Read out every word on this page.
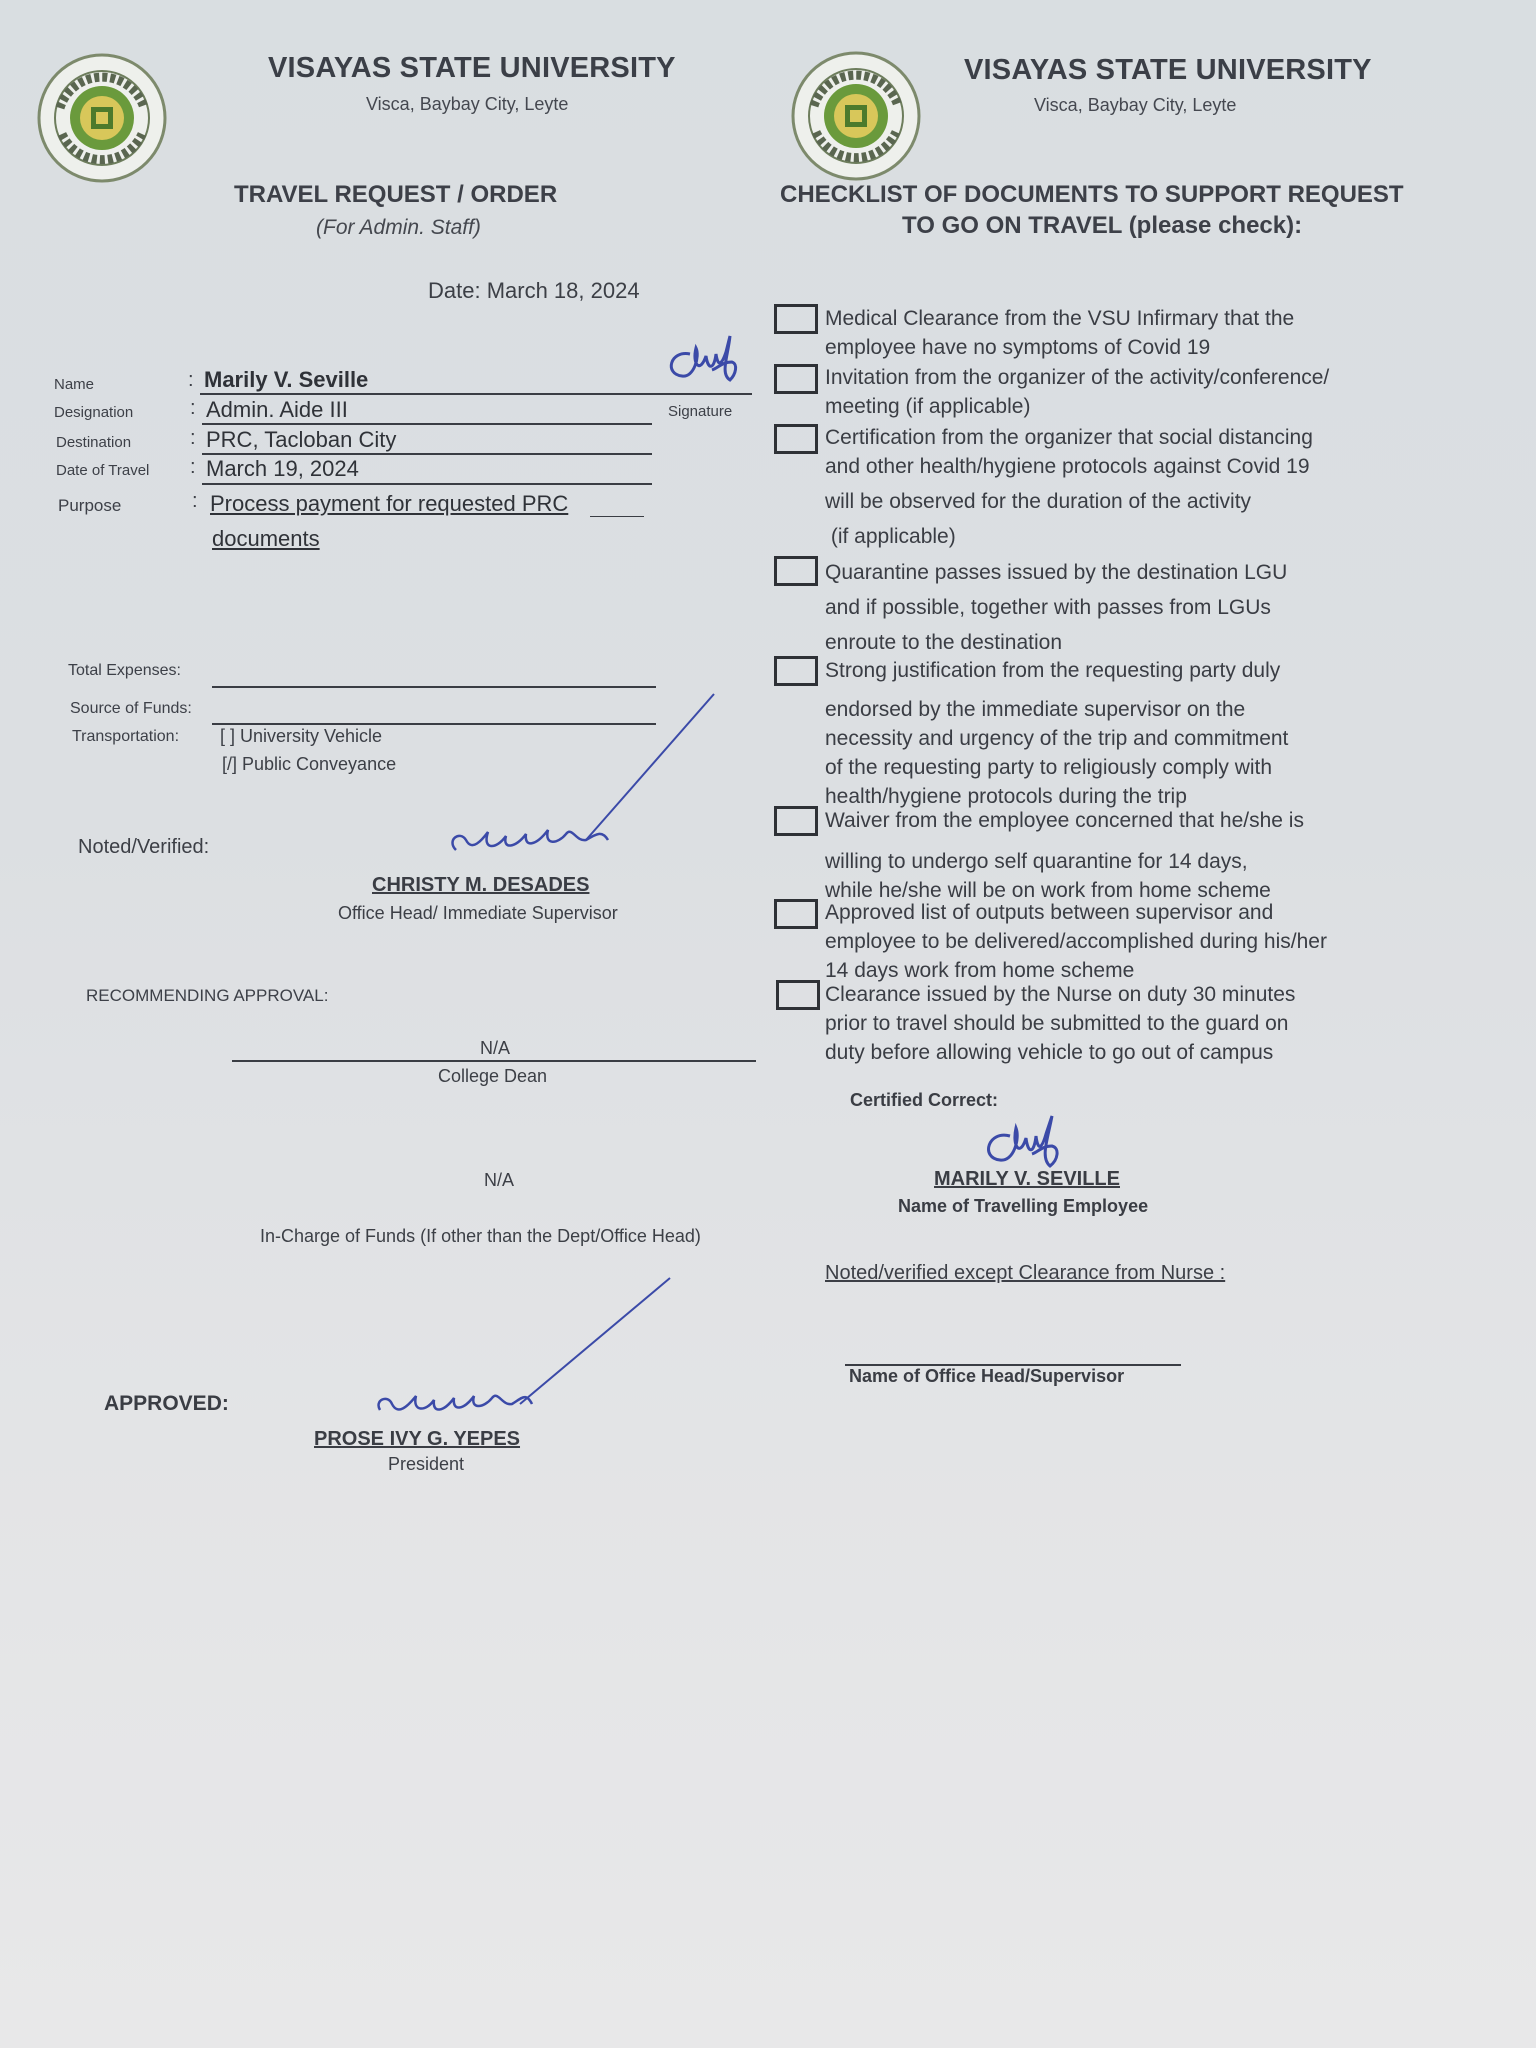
VISAYAS STATE UNIVERSITY
Visca, Baybay City, Leyte
TRAVEL REQUEST / ORDER
(For Admin. Staff)
Date: March 18, 2024
Name	: Marily V. Seville
Signature
Designation	: Admin. Aide III
Destination	: PRC, Tacloban City
Date of Travel : March 19, 2024
Purpose	: Process payment for requested PRC
documents
Total Expenses:
Source of Funds:
Transportation: [ ] University Vehicle
[/] Public Conveyance
Noted/Verified:
CHRISTY M. DESADES
Office Head/ Immediate Supervisor
RECOMMENDING APPROVAL:
N/A
College Dean
N/A
In-Charge of Funds (If other than the Dept/Office Head)
APPROVED:
PROSE IVY G. YEPES
President
VISAYAS STATE UNIVERSITY
Visca, Baybay City, Leyte
CHECKLIST OF DOCUMENTS TO SUPPORT REQUEST
TO GO ON TRAVEL (please check):
Medical Clearance from the VSU Infirmary that the
employee have no symptoms of Covid 19
Invitation from the organizer of the activity/conference/
meeting (if applicable)
Certification from the organizer that social distancing
and other health/hygiene protocols against Covid 19
will be observed for the duration of the activity
(if applicable)
Quarantine passes issued by the destination LGU
and if possible, together with passes from LGUs
enroute to the destination
Strong justification from the requesting party duly
endorsed by the immediate supervisor on the
necessity and urgency of the trip and commitment
of the requesting party to religiously comply with
health/hygiene protocols during the trip
Waiver from the employee concerned that he/she is
willing to undergo self quarantine for 14 days,
while he/she will be on work from home scheme
Approved list of outputs between supervisor and
employee to be delivered/accomplished during his/her
14 days work from home scheme
Clearance issued by the Nurse on duty 30 minutes
prior to travel should be submitted to the guard on
duty before allowing vehicle to go out of campus
Certified Correct:
MARILY V. SEVILLE
Name of Travelling Employee
Noted/verified except Clearance from Nurse :
Name of Office Head/Supervisor
